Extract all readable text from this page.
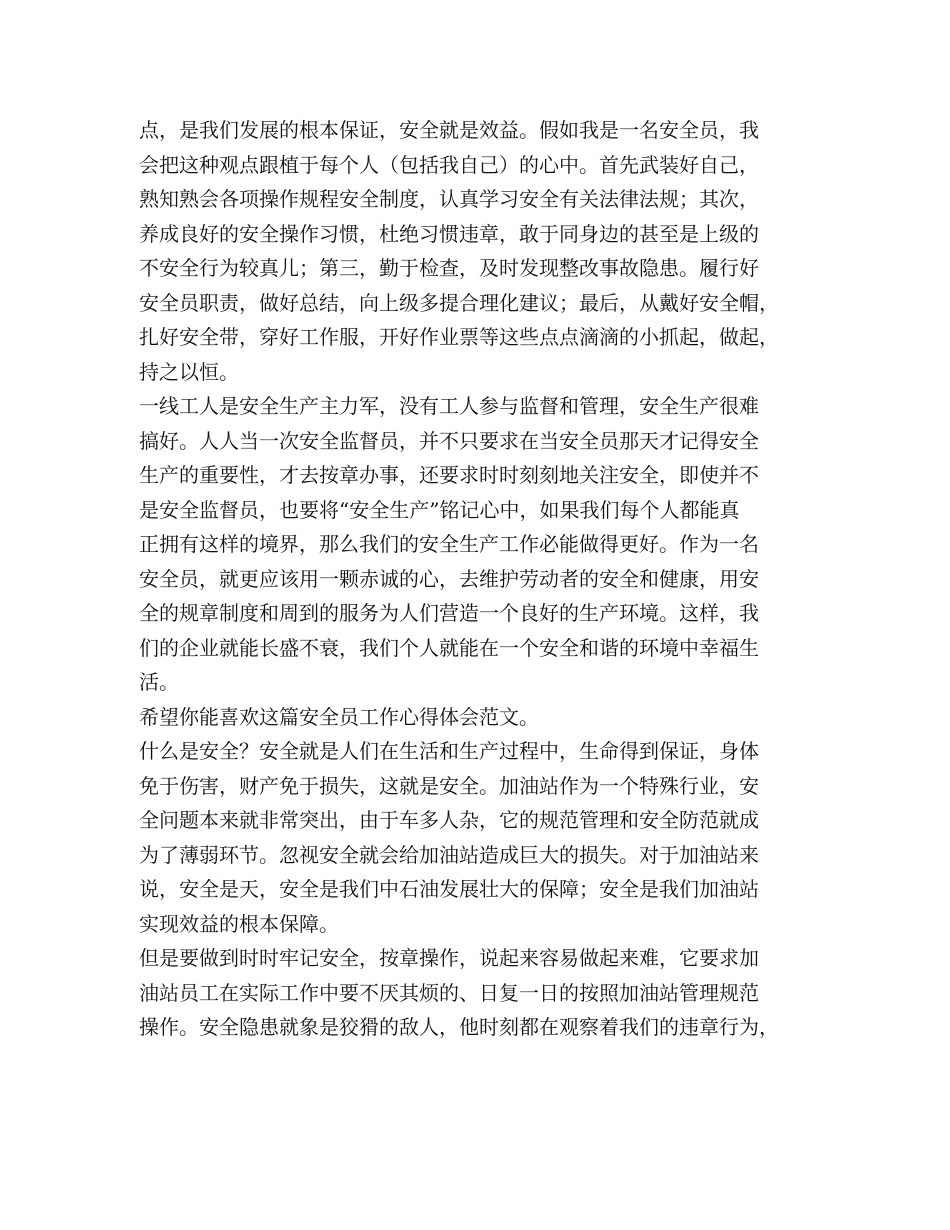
点，是我们发展的根本保证，安全就是效益。假如我是一名安全员，我
会把这种观点跟植于每个人（包括我自己）的心中。首先武装好自己，
熟知熟会各项操作规程安全制度，认真学习安全有关法律法规；其次，
养成良好的安全操作习惯，杜绝习惯违章，敢于同身边的甚至是上级的
不安全行为较真儿；第三，勤于检查，及时发现整改事故隐患。履行好
安全员职责，做好总结，向上级多提合理化建议；最后，从戴好安全帽，
扎好安全带，穿好工作服，开好作业票等这些点点滴滴的小抓起，做起，
持之以恒。
一线工人是安全生产主力军，没有工人参与监督和管理，安全生产很难
搞好。人人当一次安全监督员，并不只要求在当安全员那天才记得安全
生产的重要性，才去按章办事，还要求时时刻刻地关注安全，即使并不
是安全监督员，也要将“安全生产”铭记心中，如果我们每个人都能真
正拥有这样的境界，那么我们的安全生产工作必能做得更好。作为一名
安全员，就更应该用一颗赤诚的心，去维护劳动者的安全和健康，用安
全的规章制度和周到的服务为人们营造一个良好的生产环境。这样，我
们的企业就能长盛不衰，我们个人就能在一个安全和谐的环境中幸福生
活。
希望你能喜欢这篇安全员工作心得体会范文。
什么是安全？安全就是人们在生活和生产过程中，生命得到保证，身体
免于伤害，财产免于损失，这就是安全。加油站作为一个特殊行业，安
全问题本来就非常突出，由于车多人杂，它的规范管理和安全防范就成
为了薄弱环节。忽视安全就会给加油站造成巨大的损失。对于加油站来
说，安全是天，安全是我们中石油发展壮大的保障；安全是我们加油站
实现效益的根本保障。
但是要做到时时牢记安全，按章操作，说起来容易做起来难，它要求加
油站员工在实际工作中要不厌其烦的、日复一日的按照加油站管理规范
操作。安全隐患就象是狡猾的敌人，他时刻都在观察着我们的违章行为，
